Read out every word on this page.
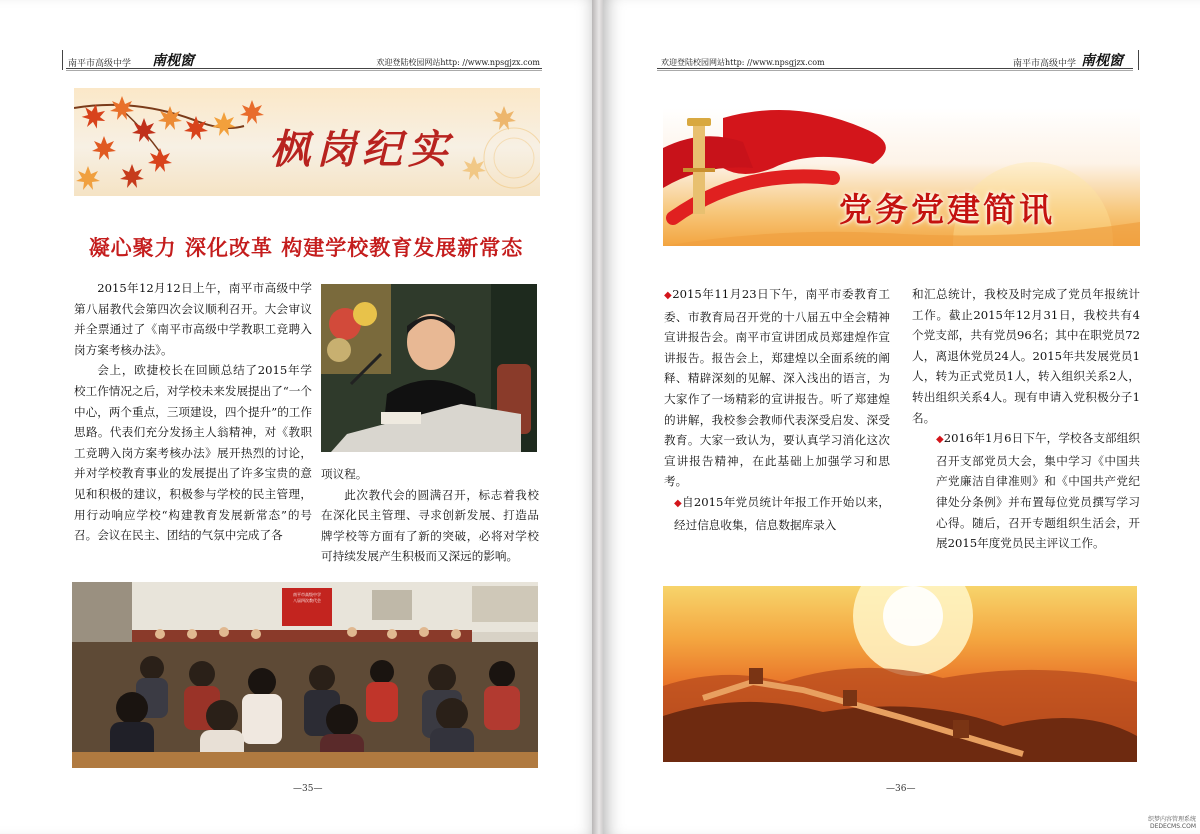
南平市高级中学 南枧窗	欢迎登陆校园网站http: //www.npsgjzx.com
枫岗纪实
凝心聚力 深化改革 构建学校教育发展新常态

2015年12月12日上午，南平市高级中学第八届教代会第四次会议顺利召开。大会审议并全票通过了《南平市高级中学教职工竞聘入岗方案考核办法》。

会上，欧捷校长在回顾总结了2015年学校工作情况之后，对学校未来发展提出了“一个中心，两个重点，三项建设，四个提升”的工作思路。代表们充分发扬主人翁精神，对《教职工竞聘入岗方案考核办法》展开热烈的讨论，并对学校教育事业的发展提出了许多宝贵的意见和积极的建议，积极参与学校的民主管理，用行动响应学校“构建教育发展新常态”的号召。会议在民主、团结的气氛中完成了各

项议程。

此次教代会的圆满召开，标志着我校在深化民主管理、寻求创新发展、打造品牌学校等方面有了新的突破，必将对学校可持续发展产生积极而又深远的影响。

南平市高级中学
八届四次教代会
—35—
欢迎登陆校园网站http: //www.npsgjzx.com	南平市高级中学 南枧窗
党务党建简讯

◆2015年11月23日下午，南平市委教育工委、市教育局召开党的十八届五中全会精神宣讲报告会。南平市宣讲团成员郑建煌作宣讲报告。报告会上，郑建煌以全面系统的阐释、精辟深刻的见解、深入浅出的语言，为大家作了一场精彩的宣讲报告。听了郑建煌的讲解，我校参会教师代表深受启发、深受教育。大家一致认为，要认真学习消化这次宣讲报告精神，在此基础上加强学习和思考。

◆自2015年党员统计年报工作开始以来，经过信息收集，信息数据库录入

和汇总统计，我校及时完成了党员年报统计工作。截止2015年12月31日，我校共有4个党支部，共有党员96名；其中在职党员72人，离退休党员24人。2015年共发展党员1人，转为正式党员1人，转入组织关系2人，转出组织关系4人。现有申请入党积极分子1名。

◆2016年1月6日下午，学校各支部组织召开支部党员大会，集中学习《中国共产党廉洁自律准则》和《中国共产党纪律处分条例》并布置每位党员撰写学习心得。随后，召开专题组织生活会，开展2015年度党员民主评议工作。

—36—
织梦内容管理系统
DEDECMS.COM
